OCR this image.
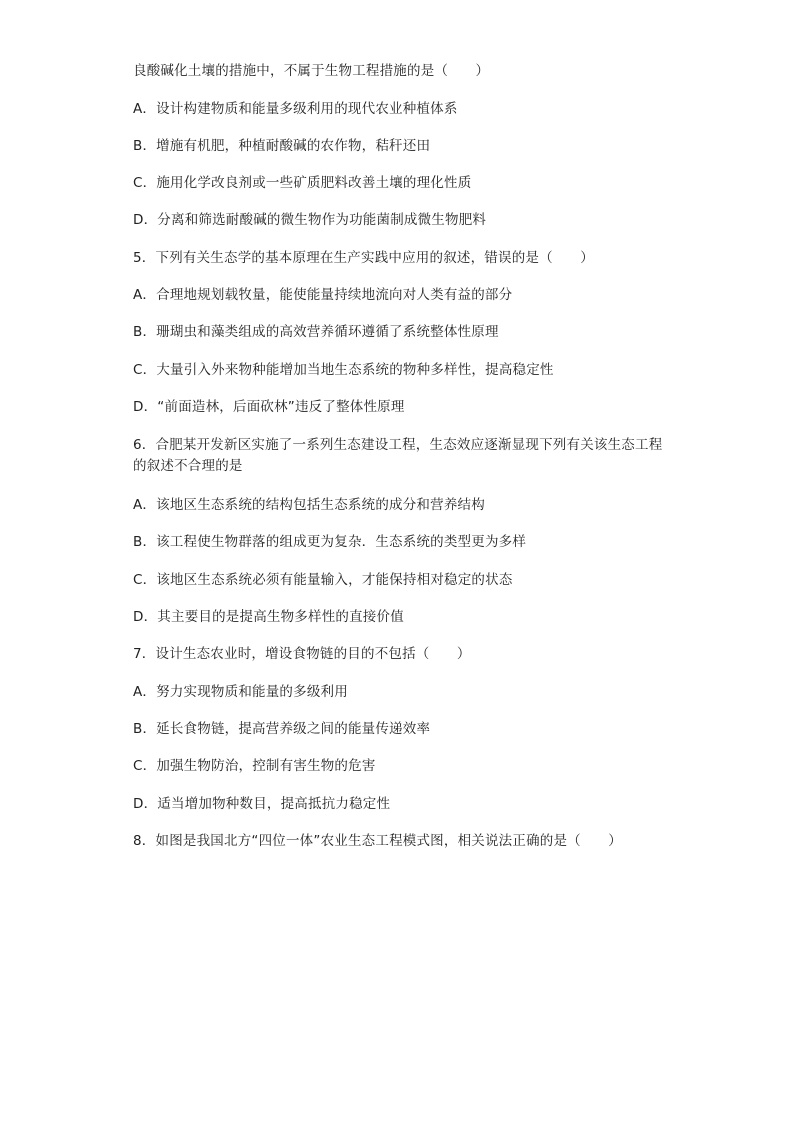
良酸碱化土壤的措施中，不属于生物工程措施的是（　　）
A．设计构建物质和能量多级利用的现代农业种植体系
B．增施有机肥，种植耐酸碱的农作物，秸秆还田
C．施用化学改良剂或一些矿质肥料改善土壤的理化性质
D．分离和筛选耐酸碱的微生物作为功能菌制成微生物肥料
5．下列有关生态学的基本原理在生产实践中应用的叙述，错误的是（　　）
A．合理地规划载牧量，能使能量持续地流向对人类有益的部分
B．珊瑚虫和藻类组成的高效营养循环遵循了系统整体性原理
C．大量引入外来物种能增加当地生态系统的物种多样性，提高稳定性
D．“前面造林，后面砍林”违反了整体性原理
6．合肥某开发新区实施了一系列生态建设工程，生态效应逐渐显现下列有关该生态工程的叙述不合理的是
A．该地区生态系统的结构包括生态系统的成分和营养结构
B．该工程使生物群落的组成更为复杂．生态系统的类型更为多样
C．该地区生态系统必须有能量输入，才能保持相对稳定的状态
D．其主要目的是提高生物多样性的直接价值
7．设计生态农业时，增设食物链的目的不包括（　　）
A．努力实现物质和能量的多级利用
B．延长食物链，提高营养级之间的能量传递效率
C．加强生物防治，控制有害生物的危害
D．适当增加物种数目，提高抵抗力稳定性
8．如图是我国北方“四位一体”农业生态工程模式图，相关说法正确的是（　　）
